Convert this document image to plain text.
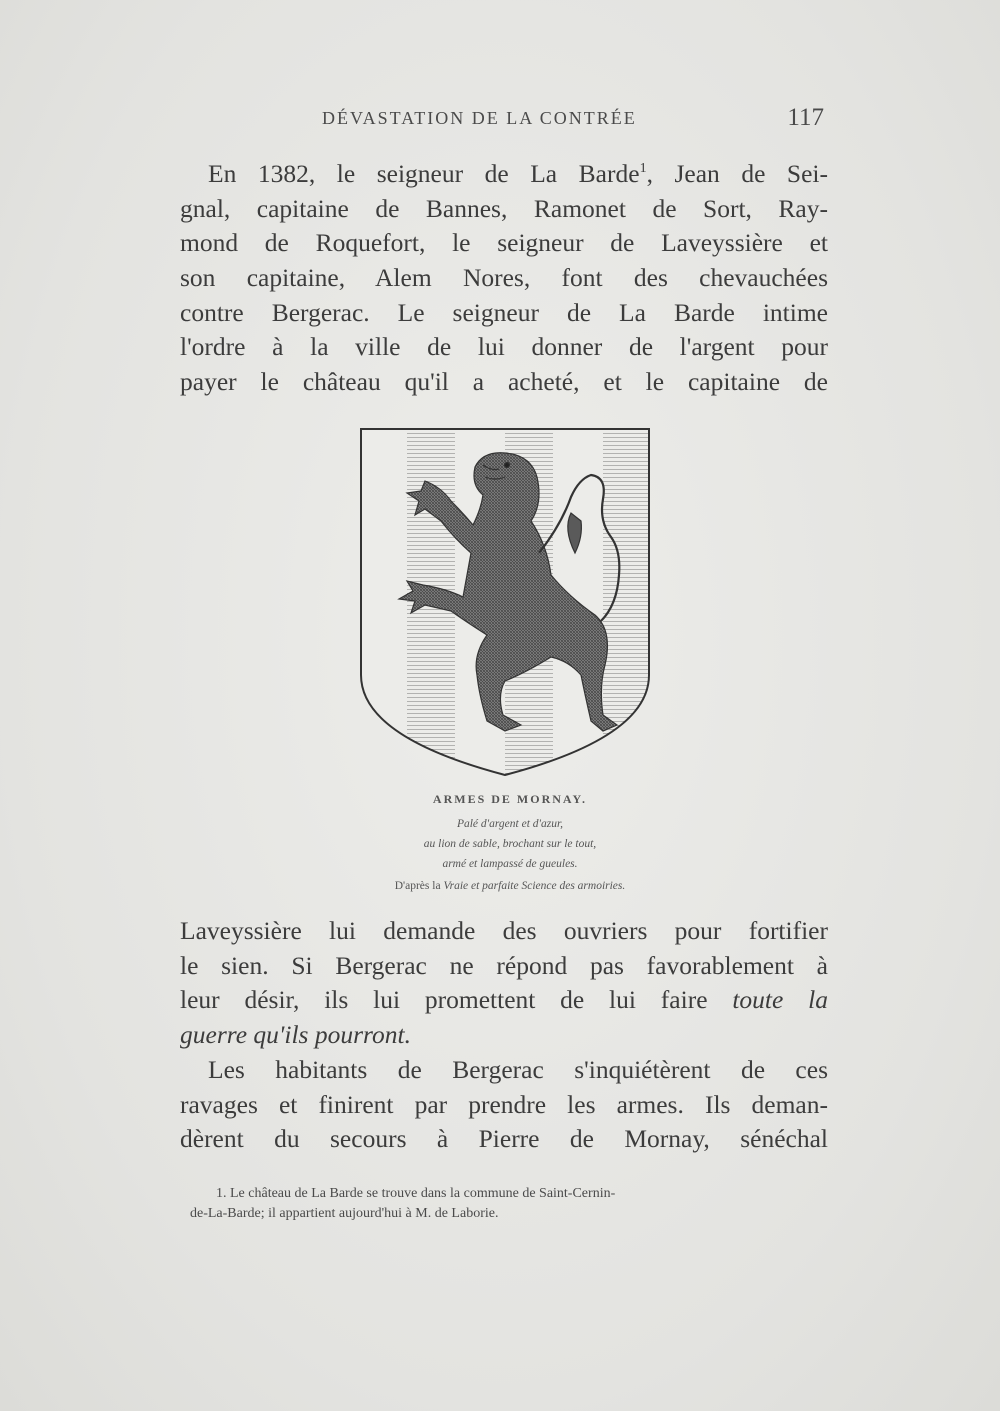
DÉVASTATION DE LA CONTRÉE	117
En 1382, le seigneur de La Barde$^1$, Jean de Sei-
gnal, capitaine de Bannes, Ramonet de Sort, Ray-
mond de Roquefort, le seigneur de Laveyssière et
son capitaine, Alem Nores, font des chevauchées
contre Bergerac. Le seigneur de La Barde intime
l'ordre à la ville de lui donner de l'argent pour
payer le château qu'il a acheté, et le capitaine de
ARMES DE MORNAY.
Palé d'argent et d'azur,
au lion de sable, brochant sur le tout,
armé et lampassé de gueules.
D'après la Vraie et parfaite Science des armoiries.
Laveyssière lui demande des ouvriers pour fortifier
le sien. Si Bergerac ne répond pas favorablement à
leur désir, ils lui promettent de lui faire toute la
guerre qu'ils pourront.
Les habitants de Bergerac s'inquiétèrent de ces
ravages et finirent par prendre les armes. Ils deman-
dèrent du secours à Pierre de Mornay, sénéchal
1. Le château de La Barde se trouve dans la commune de Saint-Cernin-
de-La-Barde; il appartient aujourd'hui à M. de Laborie.
